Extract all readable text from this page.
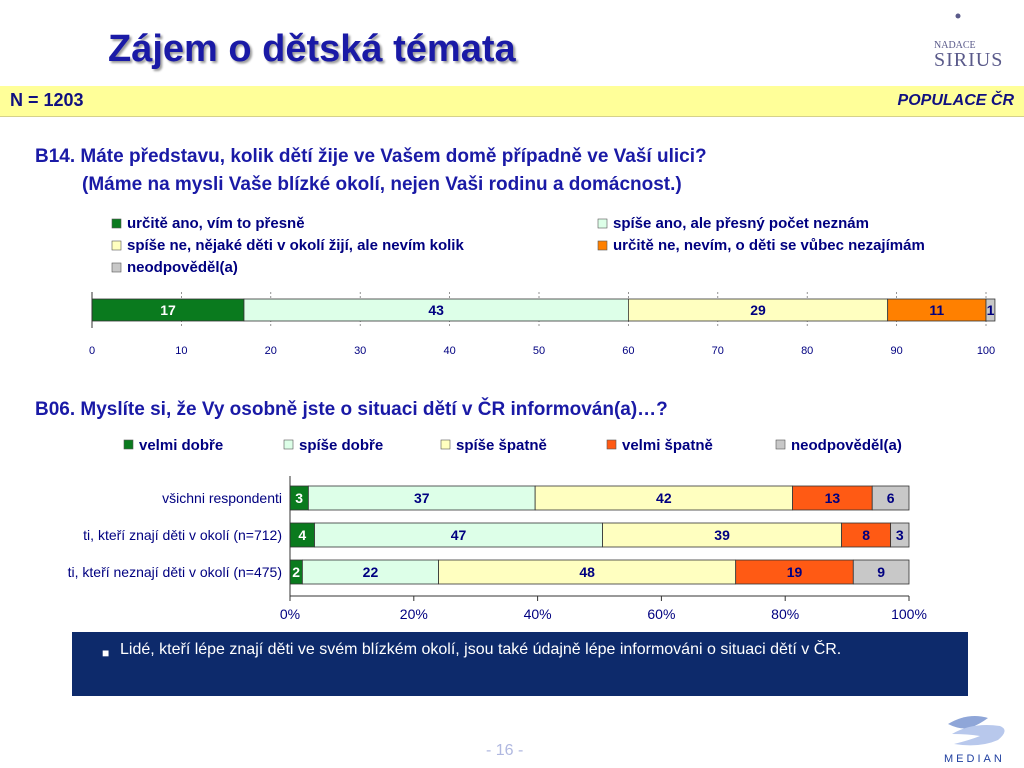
Zájem o dětská témata	NADACE
SIRIUS
N = 1203	POPULACE ČR
B14. Máte představu, kolik dětí žije ve Vašem domě případně ve Vaší ulici?
(Máme na mysli Vaše blízké okolí, nejen Vaši rodinu a domácnost.)
určitě ano, vím to přesně	spíše ano, ale přesný počet neznám
spíše ne, nějaké děti v okolí žijí, ale nevím kolik	určitě ne, nevím, o děti se vůbec nezajímám
neodpověděl(a)
17	43	29	11	1
0	10	20	30	40	50	60	70	80	90	100
B06. Myslíte si, že Vy osobně jste o situaci dětí v ČR informován(a)…?
velmi dobře	spíše dobře	spíše špatně	velmi špatně	neodpověděl(a)
všichni respondenti 3	37	42	13	6
ti, kteří znají děti v okolí (n=712) 4	47	39	8 3
ti, kteří neznají děti v okolí (n=475) 2	22	48	19	9
0%	20%	40%	60%	80%	100%
■ Lidé, kteří lépe znají děti ve svém blízkém okolí, jsou také údajně lépe informováni o situaci dětí v ČR.
- 16 -	MEDIAN
